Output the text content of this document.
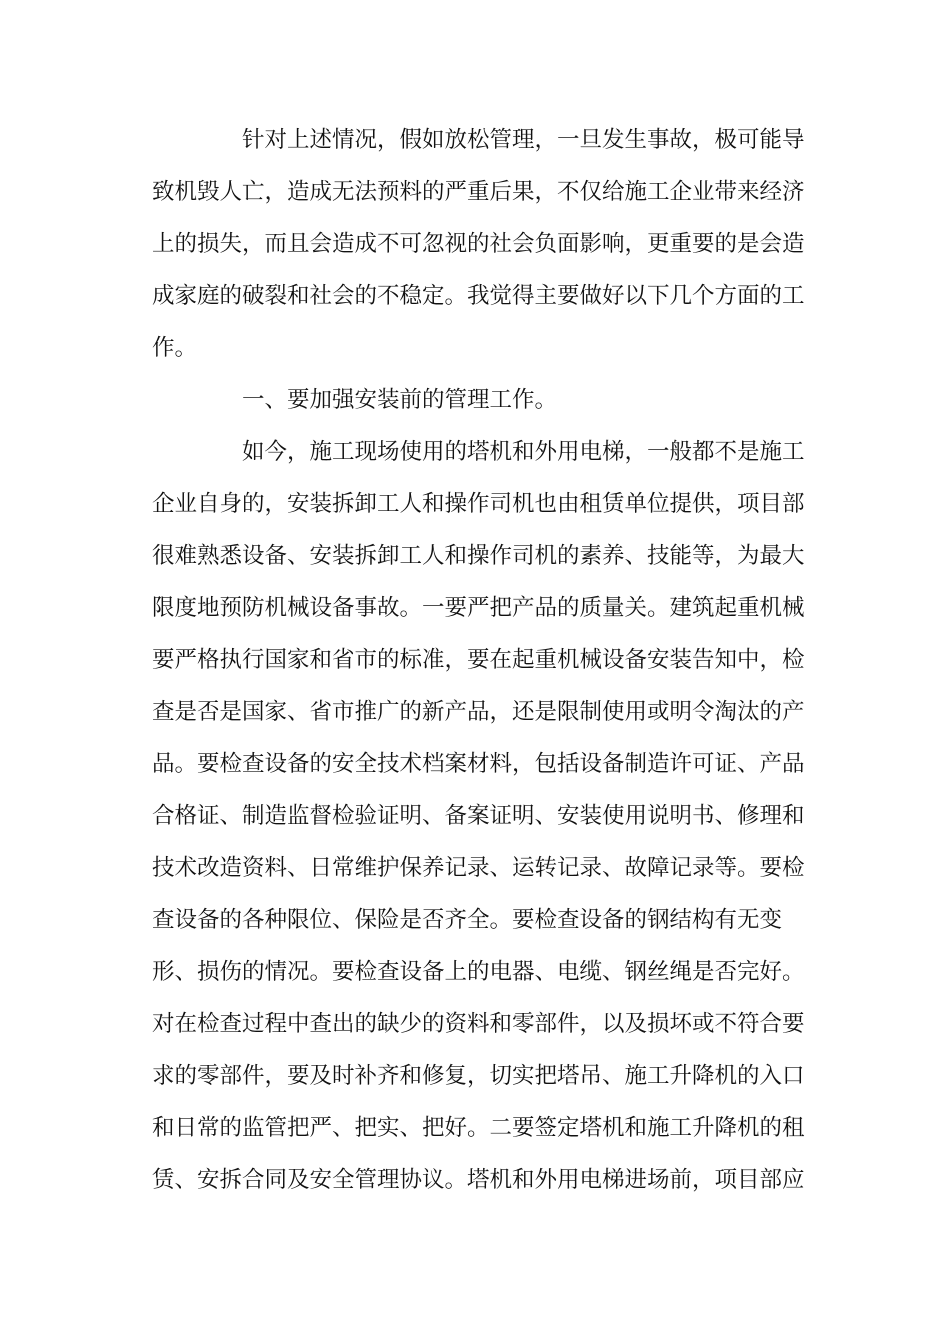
针对上述情况，假如放松管理，一旦发生事故，极可能导
致机毁人亡，造成无法预料的严重后果，不仅给施工企业带来经济
上的损失，而且会造成不可忽视的社会负面影响，更重要的是会造
成家庭的破裂和社会的不稳定。我觉得主要做好以下几个方面的工
作。
一、要加强安装前的管理工作。
如今，施工现场使用的塔机和外用电梯，一般都不是施工
企业自身的，安装拆卸工人和操作司机也由租赁单位提供，项目部
很难熟悉设备、安装拆卸工人和操作司机的素养、技能等，为最大
限度地预防机械设备事故。一要严把产品的质量关。建筑起重机械
要严格执行国家和省市的标准，要在起重机械设备安装告知中，检
查是否是国家、省市推广的新产品，还是限制使用或明令淘汰的产
品。要检查设备的安全技术档案材料，包括设备制造许可证、产品
合格证、制造监督检验证明、备案证明、安装使用说明书、修理和
技术改造资料、日常维护保养记录、运转记录、故障记录等。要检
查设备的各种限位、保险是否齐全。要检查设备的钢结构有无变
形、损伤的情况。要检查设备上的电器、电缆、钢丝绳是否完好。
对在检查过程中查出的缺少的资料和零部件，以及损坏或不符合要
求的零部件，要及时补齐和修复，切实把塔吊、施工升降机的入口
和日常的监管把严、把实、把好。二要签定塔机和施工升降机的租
赁、安拆合同及安全管理协议。塔机和外用电梯进场前，项目部应
